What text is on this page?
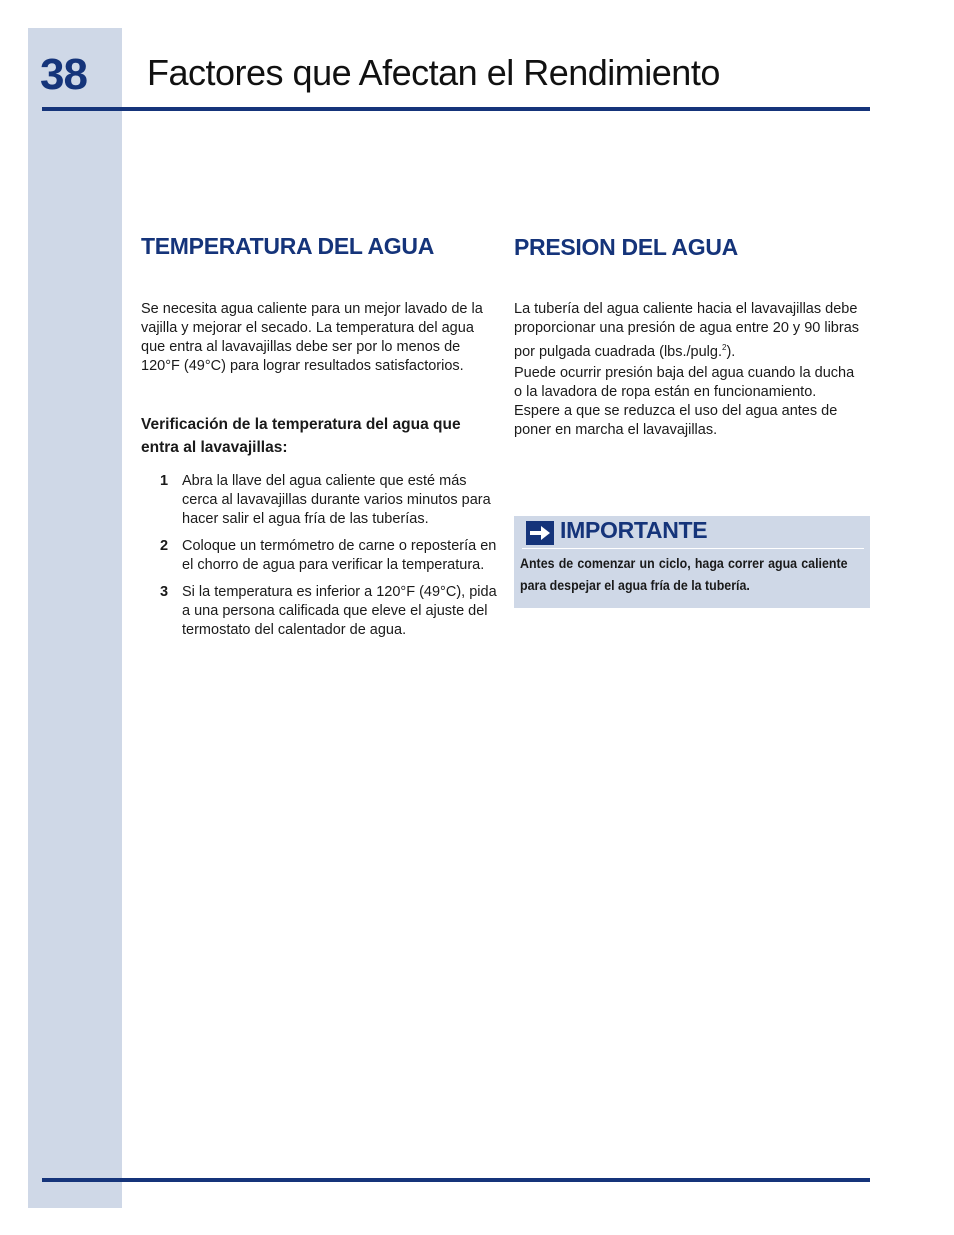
38 Factores que Afectan el Rendimiento
TEMPERATURA DEL AGUA

Se necesita agua caliente para un mejor lavado de la vajilla y mejorar el secado. La temperatura del agua que entra al lavavajillas debe ser por lo menos de 120°F (49°C) para lograr resultados satisfactorios.

Verificación de la temperatura del agua que entra al lavavajillas:

1 Abra la llave del agua caliente que esté más cerca al lavavajillas durante varios minutos para hacer salir el agua fría de las tuberías.
2 Coloque un termómetro de carne o repostería en el chorro de agua para verificar la temperatura.
3 Si la temperatura es inferior a 120°F (49°C), pida a una persona calificada que eleve el ajuste del termostato del calentador de agua.
PRESION DEL AGUA

La tubería del agua caliente hacia el lavavajillas debe proporcionar una presión de agua entre 20 y 90 libras por pulgada cuadrada (lbs./pulg.$^2$).

Puede ocurrir presión baja del agua cuando la ducha o la lavadora de ropa están en funcionamiento. Espere a que se reduzca el uso del agua antes de poner en marcha el lavavajillas.

IMPORTANTE
Antes de comenzar un ciclo, haga correr agua caliente para despejar el agua fría de la tubería.
